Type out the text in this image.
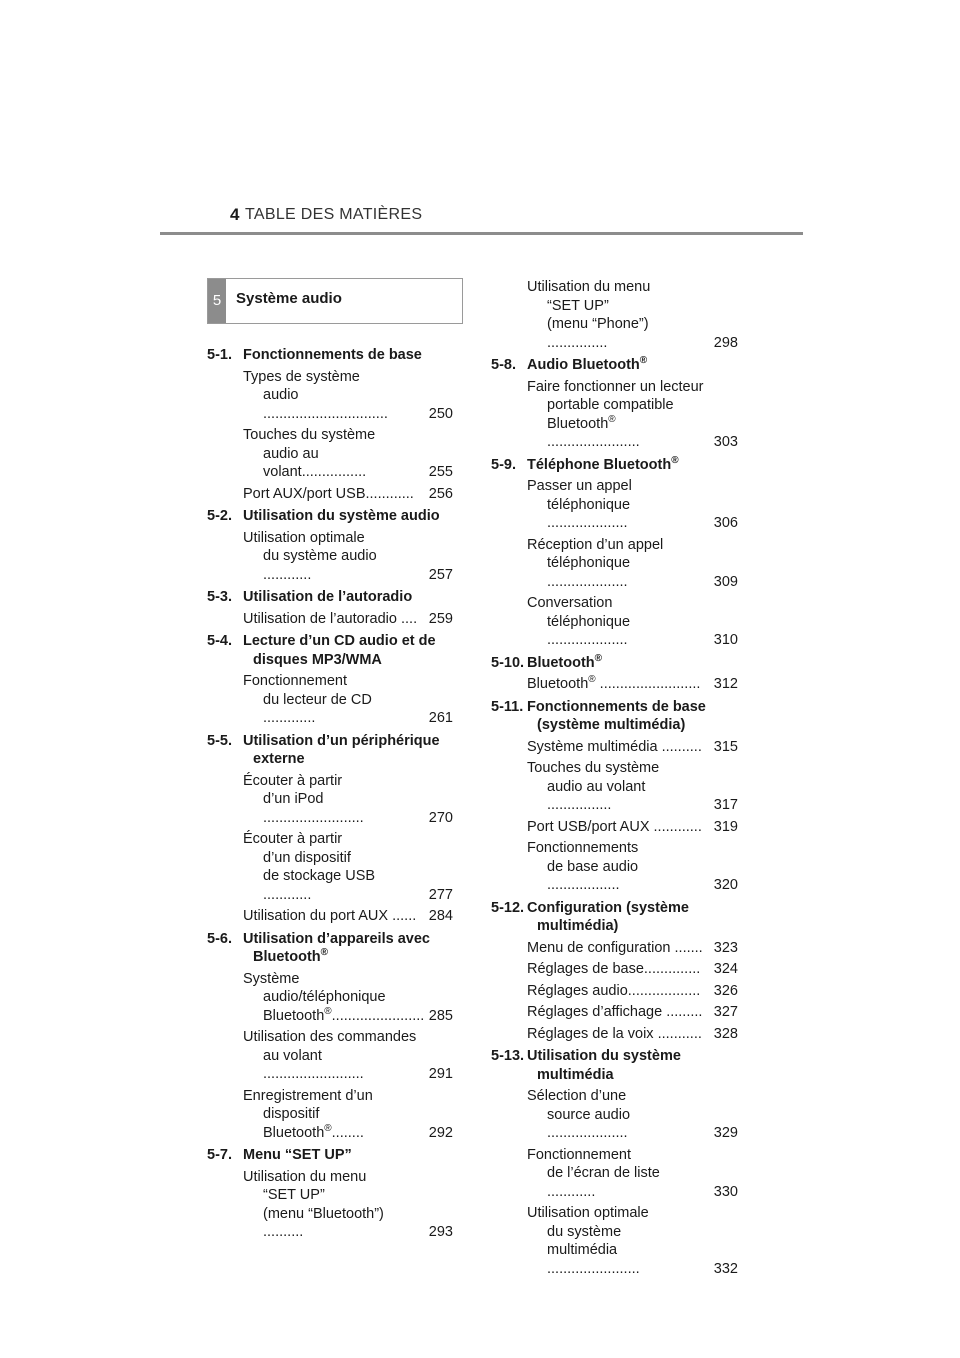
4 TABLE DES MATIÈRES
5 Système audio
5-1. Fonctionnements de base
Types de système
audio ...............................	250
Touches du système
audio au volant................	255
Port AUX/port USB............	256
5-2. Utilisation du système audio
Utilisation optimale
du système audio ............	257
5-3. Utilisation de l’autoradio
Utilisation de l’autoradio .... 259
5-4. Lecture d’un CD audio et de disques MP3/WMA
Fonctionnement
du lecteur de CD .............	261
5-5. Utilisation d’un périphérique externe
Écouter à partir
d’un iPod .........................	270
Écouter à partir
d’un dispositif
de stockage USB ............	277
Utilisation du port AUX ...... 284
5-6. Utilisation d’appareils avec Bluetooth®
Système
audio/téléphonique
Bluetooth®....................... 285
Utilisation des commandes
au volant .........................	291
Enregistrement d’un
dispositif Bluetooth®........	292
5-7. Menu “SET UP”
Utilisation du menu
“SET UP”
(menu “Bluetooth”) ..........	293
Utilisation du menu
“SET UP”
(menu “Phone”) ...............	298
5-8. Audio Bluetooth®
Faire fonctionner un lecteur
portable compatible
Bluetooth® .......................	303
5-9. Téléphone Bluetooth®
Passer un appel
téléphonique ....................	306
Réception d’un appel
téléphonique ....................	309
Conversation
téléphonique ....................	310
5-10. Bluetooth®
Bluetooth® ......................... 312
5-11. Fonctionnements de base (système multimédia)
Système multimédia .......... 315
Touches du système
audio au volant ................	317
Port USB/port AUX ............ 319
Fonctionnements
de base audio ..................	320
5-12. Configuration (système multimédia)
Menu de configuration ....... 323
Réglages de base.............. 324
Réglages audio.................. 326
Réglages d’affichage ......... 327
Réglages de la voix ........... 328
5-13. Utilisation du système multimédia
Sélection d’une
source audio ....................	329
Fonctionnement
de l’écran de liste ............	330
Utilisation optimale
du système
multimédia .......................	332
